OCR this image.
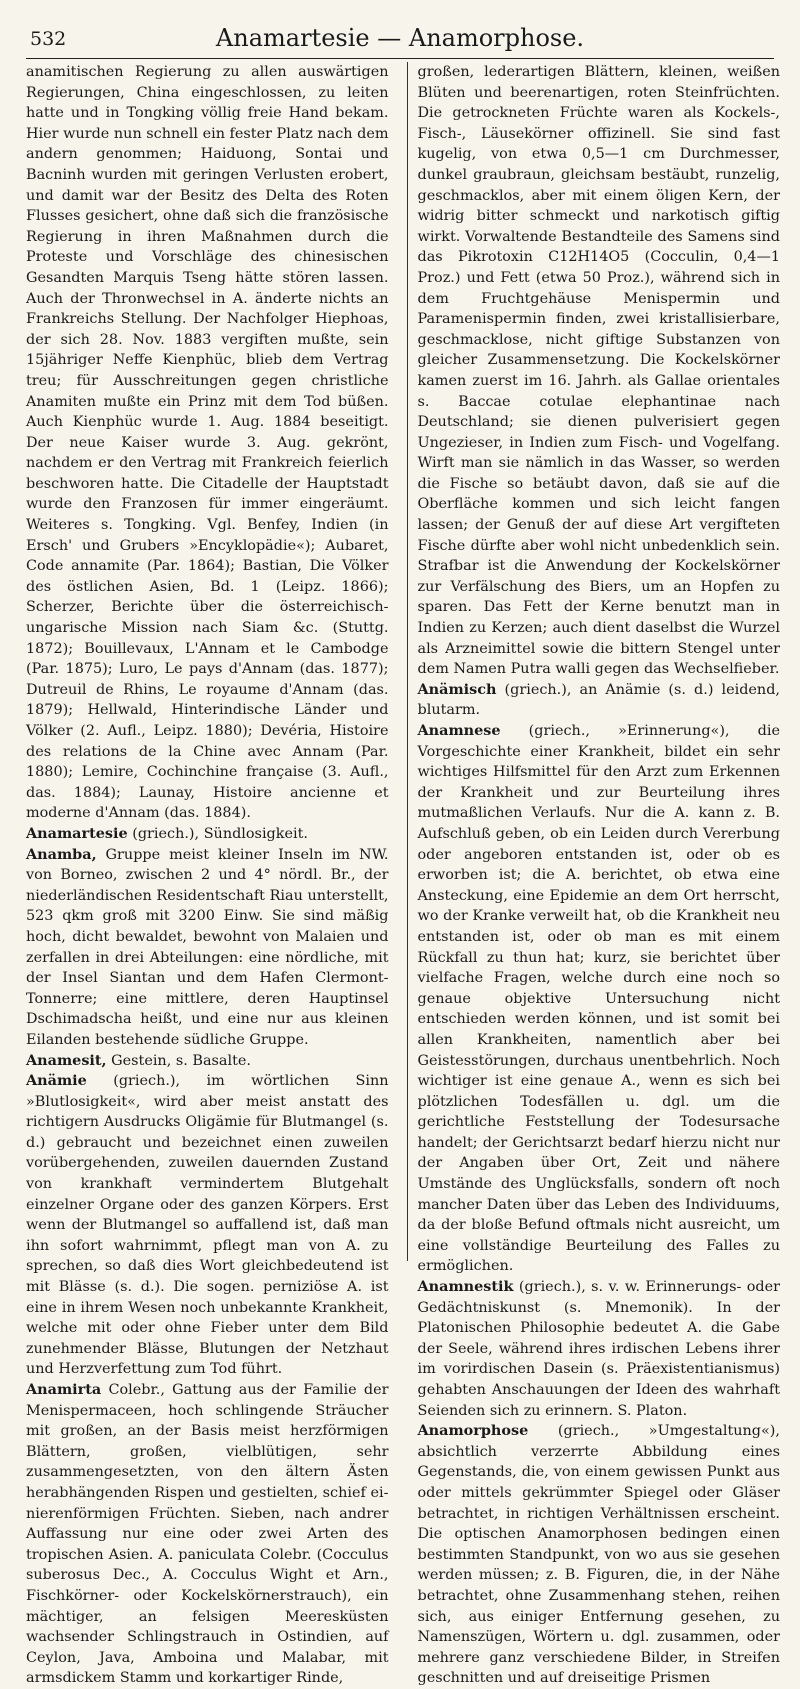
532	Anamartesie — Anamorphose.

anamitischen Regierung zu allen auswärtigen Regierungen, China eingeschlossen, zu leiten hatte und in Tongking völlig freie Hand bekam. Hier wurde nun schnell ein fester Platz nach dem andern genommen; Haiduong, Sontai und Bacninh wurden mit geringen Verlusten erobert, und damit war der Besitz des Delta des Roten Flusses gesichert, ohne daß sich die französische Regierung in ihren Maßnahmen durch die Proteste und Vorschläge des chinesischen Gesandten Marquis Tseng hätte stören lassen. Auch der Thronwechsel in A. änderte nichts an Frankreichs Stellung. Der Nachfolger Hiephoas, der sich 28. Nov. 1883 vergiften mußte, sein 15jähriger Neffe Kienphüc, blieb dem Vertrag treu; für Ausschreitungen gegen christliche Anamiten mußte ein Prinz mit dem Tod büßen. Auch Kienphüc wurde 1. Aug. 1884 beseitigt. Der neue Kaiser wurde 3. Aug. gekrönt, nachdem er den Vertrag mit Frankreich feierlich beschworen hatte. Die Citadelle der Hauptstadt wurde den Franzosen für immer eingeräumt. Weiteres s. Tongking. Vgl. Benfey, Indien (in Ersch' und Grubers »Encyklopädie«); Aubaret, Code annamite (Par. 1864); Bastian, Die Völker des östlichen Asien, Bd. 1 (Leipz. 1866); Scherzer, Berichte über die österreichisch-ungarische Mission nach Siam &c. (Stuttg. 1872); Bouillevaux, L'Annam et le Cambodge (Par. 1875); Luro, Le pays d'Annam (das. 1877); Dutreuil de Rhins, Le royaume d'Annam (das. 1879); Hellwald, Hinterindische Länder und Völker (2. Aufl., Leipz. 1880); Devéria, Histoire des relations de la Chine avec Annam (Par. 1880); Lemire, Cochinchine française (3. Aufl., das. 1884); Launay, Histoire ancienne et moderne d'Annam (das. 1884).

Anamartesie (griech.), Sündlosigkeit.

Anamba, Gruppe meist kleiner Inseln im NW. von Borneo, zwischen 2 und 4° nördl. Br., der niederländischen Residentschaft Riau unterstellt, 523 qkm groß mit 3200 Einw. Sie sind mäßig hoch, dicht bewaldet, bewohnt von Malaien und zerfallen in drei Abteilungen: eine nördliche, mit der Insel Siantan und dem Hafen Clermont-Tonnerre; eine mittlere, deren Hauptinsel Dschimadscha heißt, und eine nur aus kleinen Eilanden bestehende südliche Gruppe.

Anamesit, Gestein, s. Basalte.

Anämie (griech.), im wörtlichen Sinn »Blutlosigkeit«, wird aber meist anstatt des richtigern Ausdrucks Oligämie für Blutmangel (s. d.) gebraucht und bezeichnet einen zuweilen vorübergehenden, zuweilen dauernden Zustand von krankhaft vermindertem Blutgehalt einzelner Organe oder des ganzen Körpers. Erst wenn der Blutmangel so auffallend ist, daß man ihn sofort wahrnimmt, pflegt man von A. zu sprechen, so daß dies Wort gleichbedeutend ist mit Blässe (s. d.). Die sogen. perniziöse A. ist eine in ihrem Wesen noch unbekannte Krankheit, welche mit oder ohne Fieber unter dem Bild zunehmender Blässe, Blutungen der Netzhaut und Herzverfettung zum Tod führt.

Anamirta Colebr., Gattung aus der Familie der Menispermaceen, hoch schlingende Sträucher mit großen, an der Basis meist herzförmigen Blättern, großen, vielblütigen, sehr zusammengesetzten, von den ältern Ästen herabhängenden Rispen und gestielten, schief ei-nierenförmigen Früchten. Sieben, nach andrer Auffassung nur eine oder zwei Arten des tropischen Asien. A. paniculata Colebr. (Cocculus suberosus Dec., A. Cocculus Wight et Arn., Fischkörner- oder Kockelskörnerstrauch), ein mächtiger, an felsigen Meeresküsten wachsender Schlingstrauch in Ostindien, auf Ceylon, Java, Amboina und Malabar, mit armsdickem Stamm und korkartiger Rinde,

großen, lederartigen Blättern, kleinen, weißen Blüten und beerenartigen, roten Steinfrüchten. Die getrockneten Früchte waren als Kockels-, Fisch-, Läusekörner offizinell. Sie sind fast kugelig, von etwa 0,5—1 cm Durchmesser, dunkel graubraun, gleichsam bestäubt, runzelig, geschmacklos, aber mit einem öligen Kern, der widrig bitter schmeckt und narkotisch giftig wirkt. Vorwaltende Bestandteile des Samens sind das Pikrotoxin C12H14O5 (Cocculin, 0,4—1 Proz.) und Fett (etwa 50 Proz.), während sich in dem Fruchtgehäuse Menispermin und Paramenispermin finden, zwei kristallisierbare, geschmacklose, nicht giftige Substanzen von gleicher Zusammensetzung. Die Kockelskörner kamen zuerst im 16. Jahrh. als Gallae orientales s. Baccae cotulae elephantinae nach Deutschland; sie dienen pulverisiert gegen Ungezieser, in Indien zum Fisch- und Vogelfang. Wirft man sie nämlich in das Wasser, so werden die Fische so betäubt davon, daß sie auf die Oberfläche kommen und sich leicht fangen lassen; der Genuß der auf diese Art vergifteten Fische dürfte aber wohl nicht unbedenklich sein. Strafbar ist die Anwendung der Kockelskörner zur Verfälschung des Biers, um an Hopfen zu sparen. Das Fett der Kerne benutzt man in Indien zu Kerzen; auch dient daselbst die Wurzel als Arzneimittel sowie die bittern Stengel unter dem Namen Putra walli gegen das Wechselfieber.

Anämisch (griech.), an Anämie (s. d.) leidend, blutarm.

Anamnese (griech., »Erinnerung«), die Vorgeschichte einer Krankheit, bildet ein sehr wichtiges Hilfsmittel für den Arzt zum Erkennen der Krankheit und zur Beurteilung ihres mutmaßlichen Verlaufs. Nur die A. kann z. B. Aufschluß geben, ob ein Leiden durch Vererbung oder angeboren entstanden ist, oder ob es erworben ist; die A. berichtet, ob etwa eine Ansteckung, eine Epidemie an dem Ort herrscht, wo der Kranke verweilt hat, ob die Krankheit neu entstanden ist, oder ob man es mit einem Rückfall zu thun hat; kurz, sie berichtet über vielfache Fragen, welche durch eine noch so genaue objektive Untersuchung nicht entschieden werden können, und ist somit bei allen Krankheiten, namentlich aber bei Geistesstörungen, durchaus unentbehrlich. Noch wichtiger ist eine genaue A., wenn es sich bei plötzlichen Todesfällen u. dgl. um die gerichtliche Feststellung der Todesursache handelt; der Gerichtsarzt bedarf hierzu nicht nur der Angaben über Ort, Zeit und nähere Umstände des Unglücksfalls, sondern oft noch mancher Daten über das Leben des Individuums, da der bloße Befund oftmals nicht ausreicht, um eine vollständige Beurteilung des Falles zu ermöglichen.

Anamnestik (griech.), s. v. w. Erinnerungs- oder Gedächtniskunst (s. Mnemonik). In der Platonischen Philosophie bedeutet A. die Gabe der Seele, während ihres irdischen Lebens ihrer im vorirdischen Dasein (s. Präexistentianismus) gehabten Anschauungen der Ideen des wahrhaft Seienden sich zu erinnern. S. Platon.

Anamorphose (griech., »Umgestaltung«), absichtlich verzerrte Abbildung eines Gegenstands, die, von einem gewissen Punkt aus oder mittels gekrümmter Spiegel oder Gläser betrachtet, in richtigen Verhältnissen erscheint. Die optischen Anamorphosen bedingen einen bestimmten Standpunkt, von wo aus sie gesehen werden müssen; z. B. Figuren, die, in der Nähe betrachtet, ohne Zusammenhang stehen, reihen sich, aus einiger Entfernung gesehen, zu Namenszügen, Wörtern u. dgl. zusammen, oder mehrere ganz verschiedene Bilder, in Streifen geschnitten und auf dreiseitige Prismen
